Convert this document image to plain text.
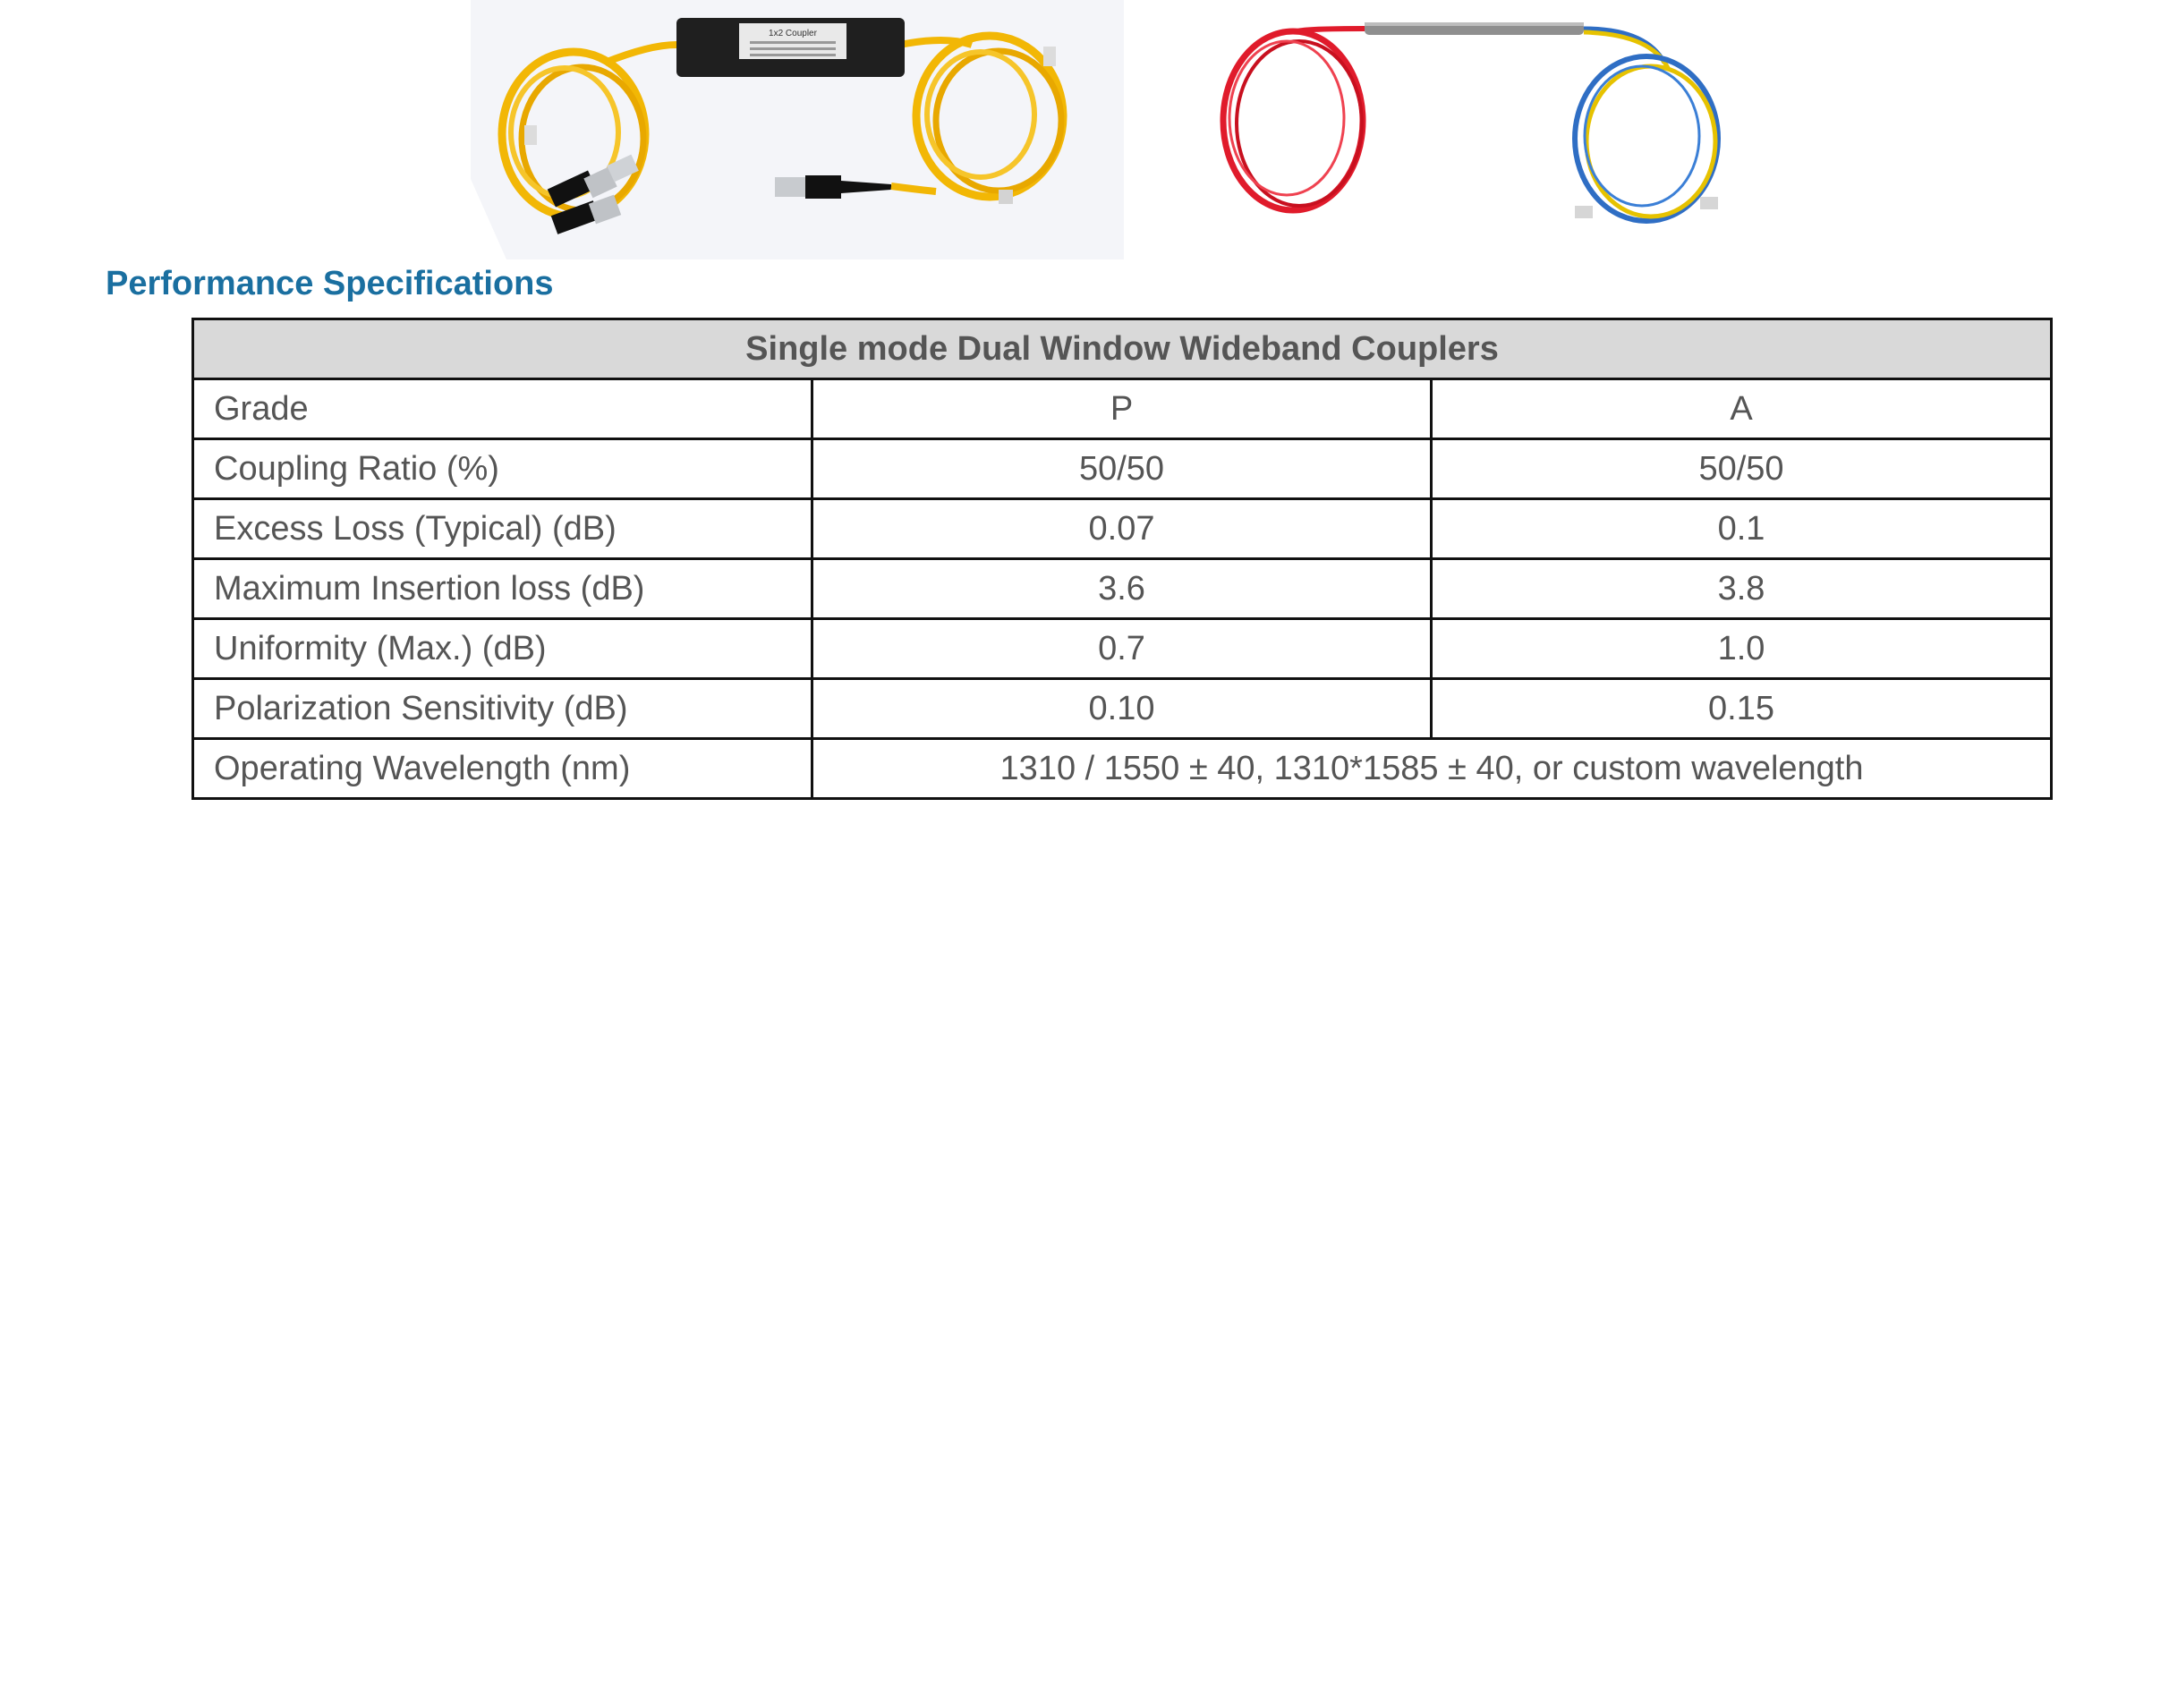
1x2 Coupler
Performance Specifications
Single mode Dual Window Wideband Couplers		
Grade	P	A
Coupling Ratio (%)	50/50	50/50
Excess Loss (Typical) (dB)	0.07	0.1
Maximum Insertion loss (dB)	3.6	3.8
Uniformity (Max.) (dB)	0.7	1.0
Polarization Sensitivity (dB)	0.10	0.15
Operating Wavelength (nm)	1310 / 1550 ± 40, 1310*1585 ± 40, or custom wavelength	
